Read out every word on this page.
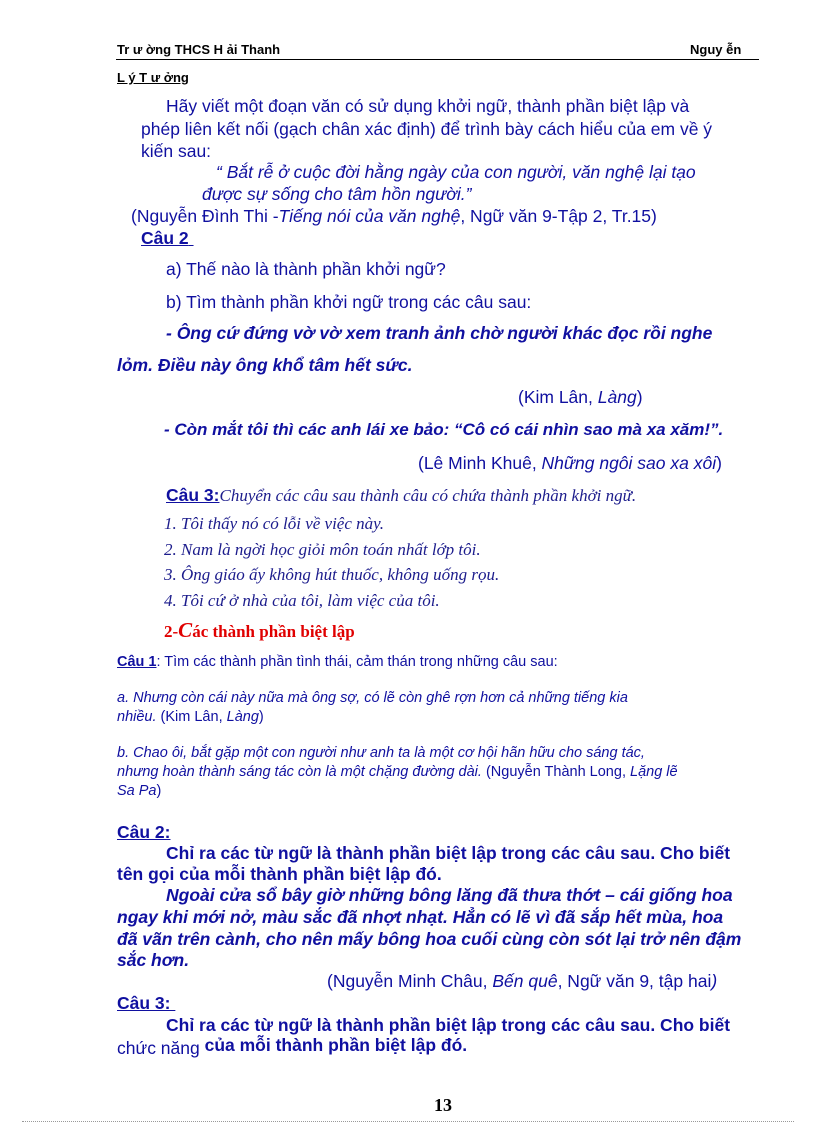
Tr ư ờng THCS H ải Thanh	Nguy ễn
L ý T ư ởng
Hãy viết một đoạn văn có sử dụng khởi ngữ, thành phần biệt lập và
phép liên kết nối (gạch chân xác định) để trình bày cách hiểu của em về ý
kiến sau:
“ Bắt rễ ở cuộc đời hằng ngày của con người, văn nghệ lại tạo
được sự sống cho tâm hồn người.”
(Nguyễn Đình Thi -Tiếng nói của văn nghệ, Ngữ văn 9-Tập 2, Tr.15)
Câu 2
a) Thế nào là thành phần khởi ngữ?
b) Tìm thành phần khởi ngữ trong các câu sau:
- Ông cứ đứng vờ vờ xem tranh ảnh chờ người khác đọc rồi nghe
lỏm. Điều này ông khổ tâm hết sức.
(Kim Lân, Làng)
- Còn mắt tôi thì các anh lái xe bảo: “Cô có cái nhìn sao mà xa xăm!”.
(Lê Minh Khuê, Những ngôi sao xa xôi)
Câu 3:Chuyển các câu sau thành câu có chứa thành phần khởi ngữ.
1. Tôi thấy nó có lỗi về việc này.
2. Nam là ngời học giỏi môn toán nhất lớp tôi.
3. Ông giáo ấy không hút thuốc, không uống rọu.
4. Tôi cứ ở nhà của tôi, làm việc của tôi.
2-Các thành phần biệt lập
Câu 1: Tìm các thành phần tình thái, cảm thán trong những câu sau:
a. Nhưng còn cái này nữa mà ông sợ, có lẽ còn ghê rợn hơn cả những tiếng kia
nhiều. (Kim Lân, Làng)
b. Chao ôi, bắt gặp một con người như anh ta là một cơ hội hãn hữu cho sáng tác,
nhưng hoàn thành sáng tác còn là một chặng đường dài. (Nguyễn Thành Long, Lặng lẽ
Sa Pa)
Câu 2:
Chỉ ra các từ ngữ là thành phần biệt lập trong các câu sau. Cho biết
tên gọi của mỗi thành phần biệt lập đó.
Ngoài cửa sổ bây giờ những bông lăng đã thưa thớt – cái giống hoa
ngay khi mới nở, màu sắc đã nhợt nhạt. Hẳn có lẽ vì đã sắp hết mùa, hoa
đã vãn trên cành, cho nên mấy bông hoa cuối cùng còn sót lại trở nên đậm
sắc hơn.
(Nguyễn Minh Châu, Bến quê, Ngữ văn 9, tập hai)
Câu 3:
Chỉ ra các từ ngữ là thành phần biệt lập trong các câu sau. Cho biết
chức năng của mỗi thành phần biệt lập đó.
13
